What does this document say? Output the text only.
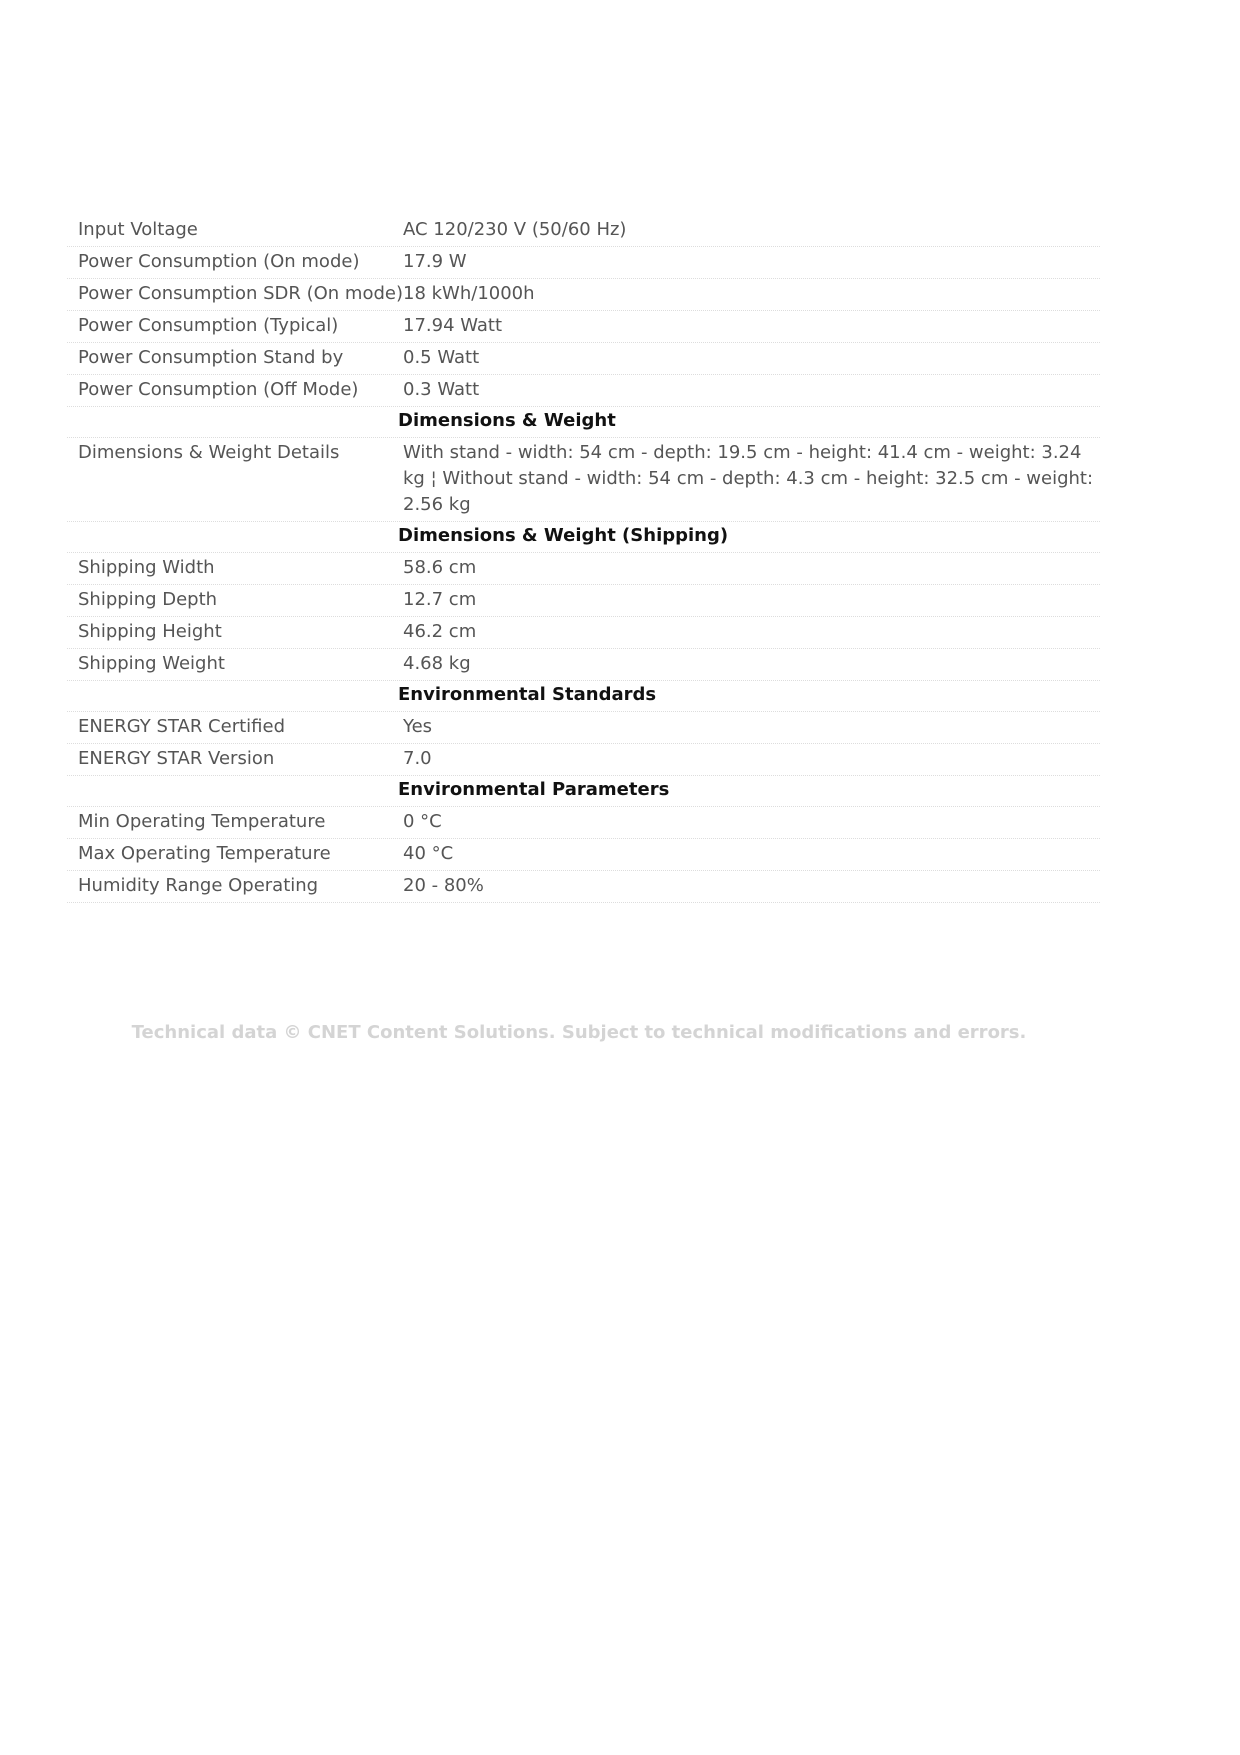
Input Voltage	AC 120/230 V (50/60 Hz)
Power Consumption (On mode)	17.9 W
Power Consumption SDR (On mode) 18 kWh/1000h
Power Consumption (Typical)	17.94 Watt
Power Consumption Stand by	0.5 Watt
Power Consumption (Off Mode)	0.3 Watt
Dimensions & Weight
Dimensions & Weight Details	With stand - width: 54 cm - depth: 19.5 cm - height: 41.4 cm - weight: 3.24 kg ¦ Without stand - width: 54 cm - depth: 4.3 cm - height: 32.5 cm - weight: 2.56 kg
Dimensions & Weight (Shipping)
Shipping Width	58.6 cm
Shipping Depth	12.7 cm
Shipping Height	46.2 cm
Shipping Weight	4.68 kg
Environmental Standards
ENERGY STAR Certified	Yes
ENERGY STAR Version	7.0
Environmental Parameters
Min Operating Temperature	0 °C
Max Operating Temperature	40 °C
Humidity Range Operating	20 - 80%
Technical data © CNET Content Solutions. Subject to technical modifications and errors.
